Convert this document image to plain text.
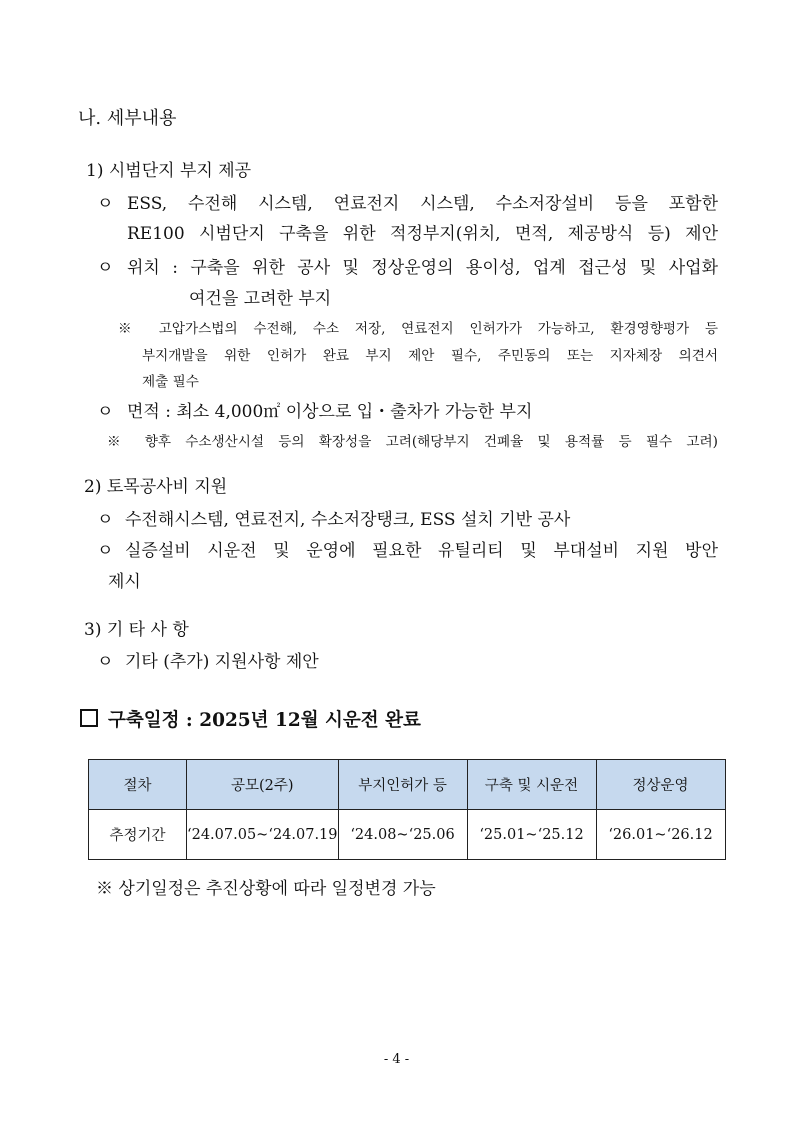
나. 세부내용
1) 시범단지 부지 제공
ㅇ ESS, 수전해 시스템, 연료전지 시스템, 수소저장설비 등을 포함한
RE100 시범단지 구축을 위한 적정부지(위치, 면적, 제공방식 등) 제안
ㅇ 위치 : 구축을 위한 공사 및 정상운영의 용이성, 업계 접근성 및 사업화
여건을 고려한 부지
※ 고압가스법의 수전해, 수소 저장, 연료전지 인허가가 가능하고, 환경영향평가 등
부지개발을 위한 인허가 완료 부지 제안 필수, 주민동의 또는 지자체장 의견서
제출 필수
ㅇ 면적 : 최소 4,000㎡ 이상으로 입・출차가 가능한 부지
※ 향후 수소생산시설 등의 확장성을 고려(해당부지 건폐율 및 용적률 등 필수 고려)
2) 토목공사비 지원
ㅇ 수전해시스템, 연료전지, 수소저장탱크, ESS 설치 기반 공사
ㅇ 실증설비 시운전 및 운영에 필요한 유틸리티 및 부대설비 지원 방안
제시
3) 기 타 사 항
ㅇ 기타 (추가) 지원사항 제안
구축일정 : 2025년 12월 시운전 완료
절차	공모(2주)	부지인허가 등	구축 및 시운전	정상운영
추정기간	‘24.07.05~‘24.07.19	‘24.08~‘25.06	‘25.01~‘25.12	‘26.01~‘26.12
※ 상기일정은 추진상황에 따라 일정변경 가능
- 4 -
